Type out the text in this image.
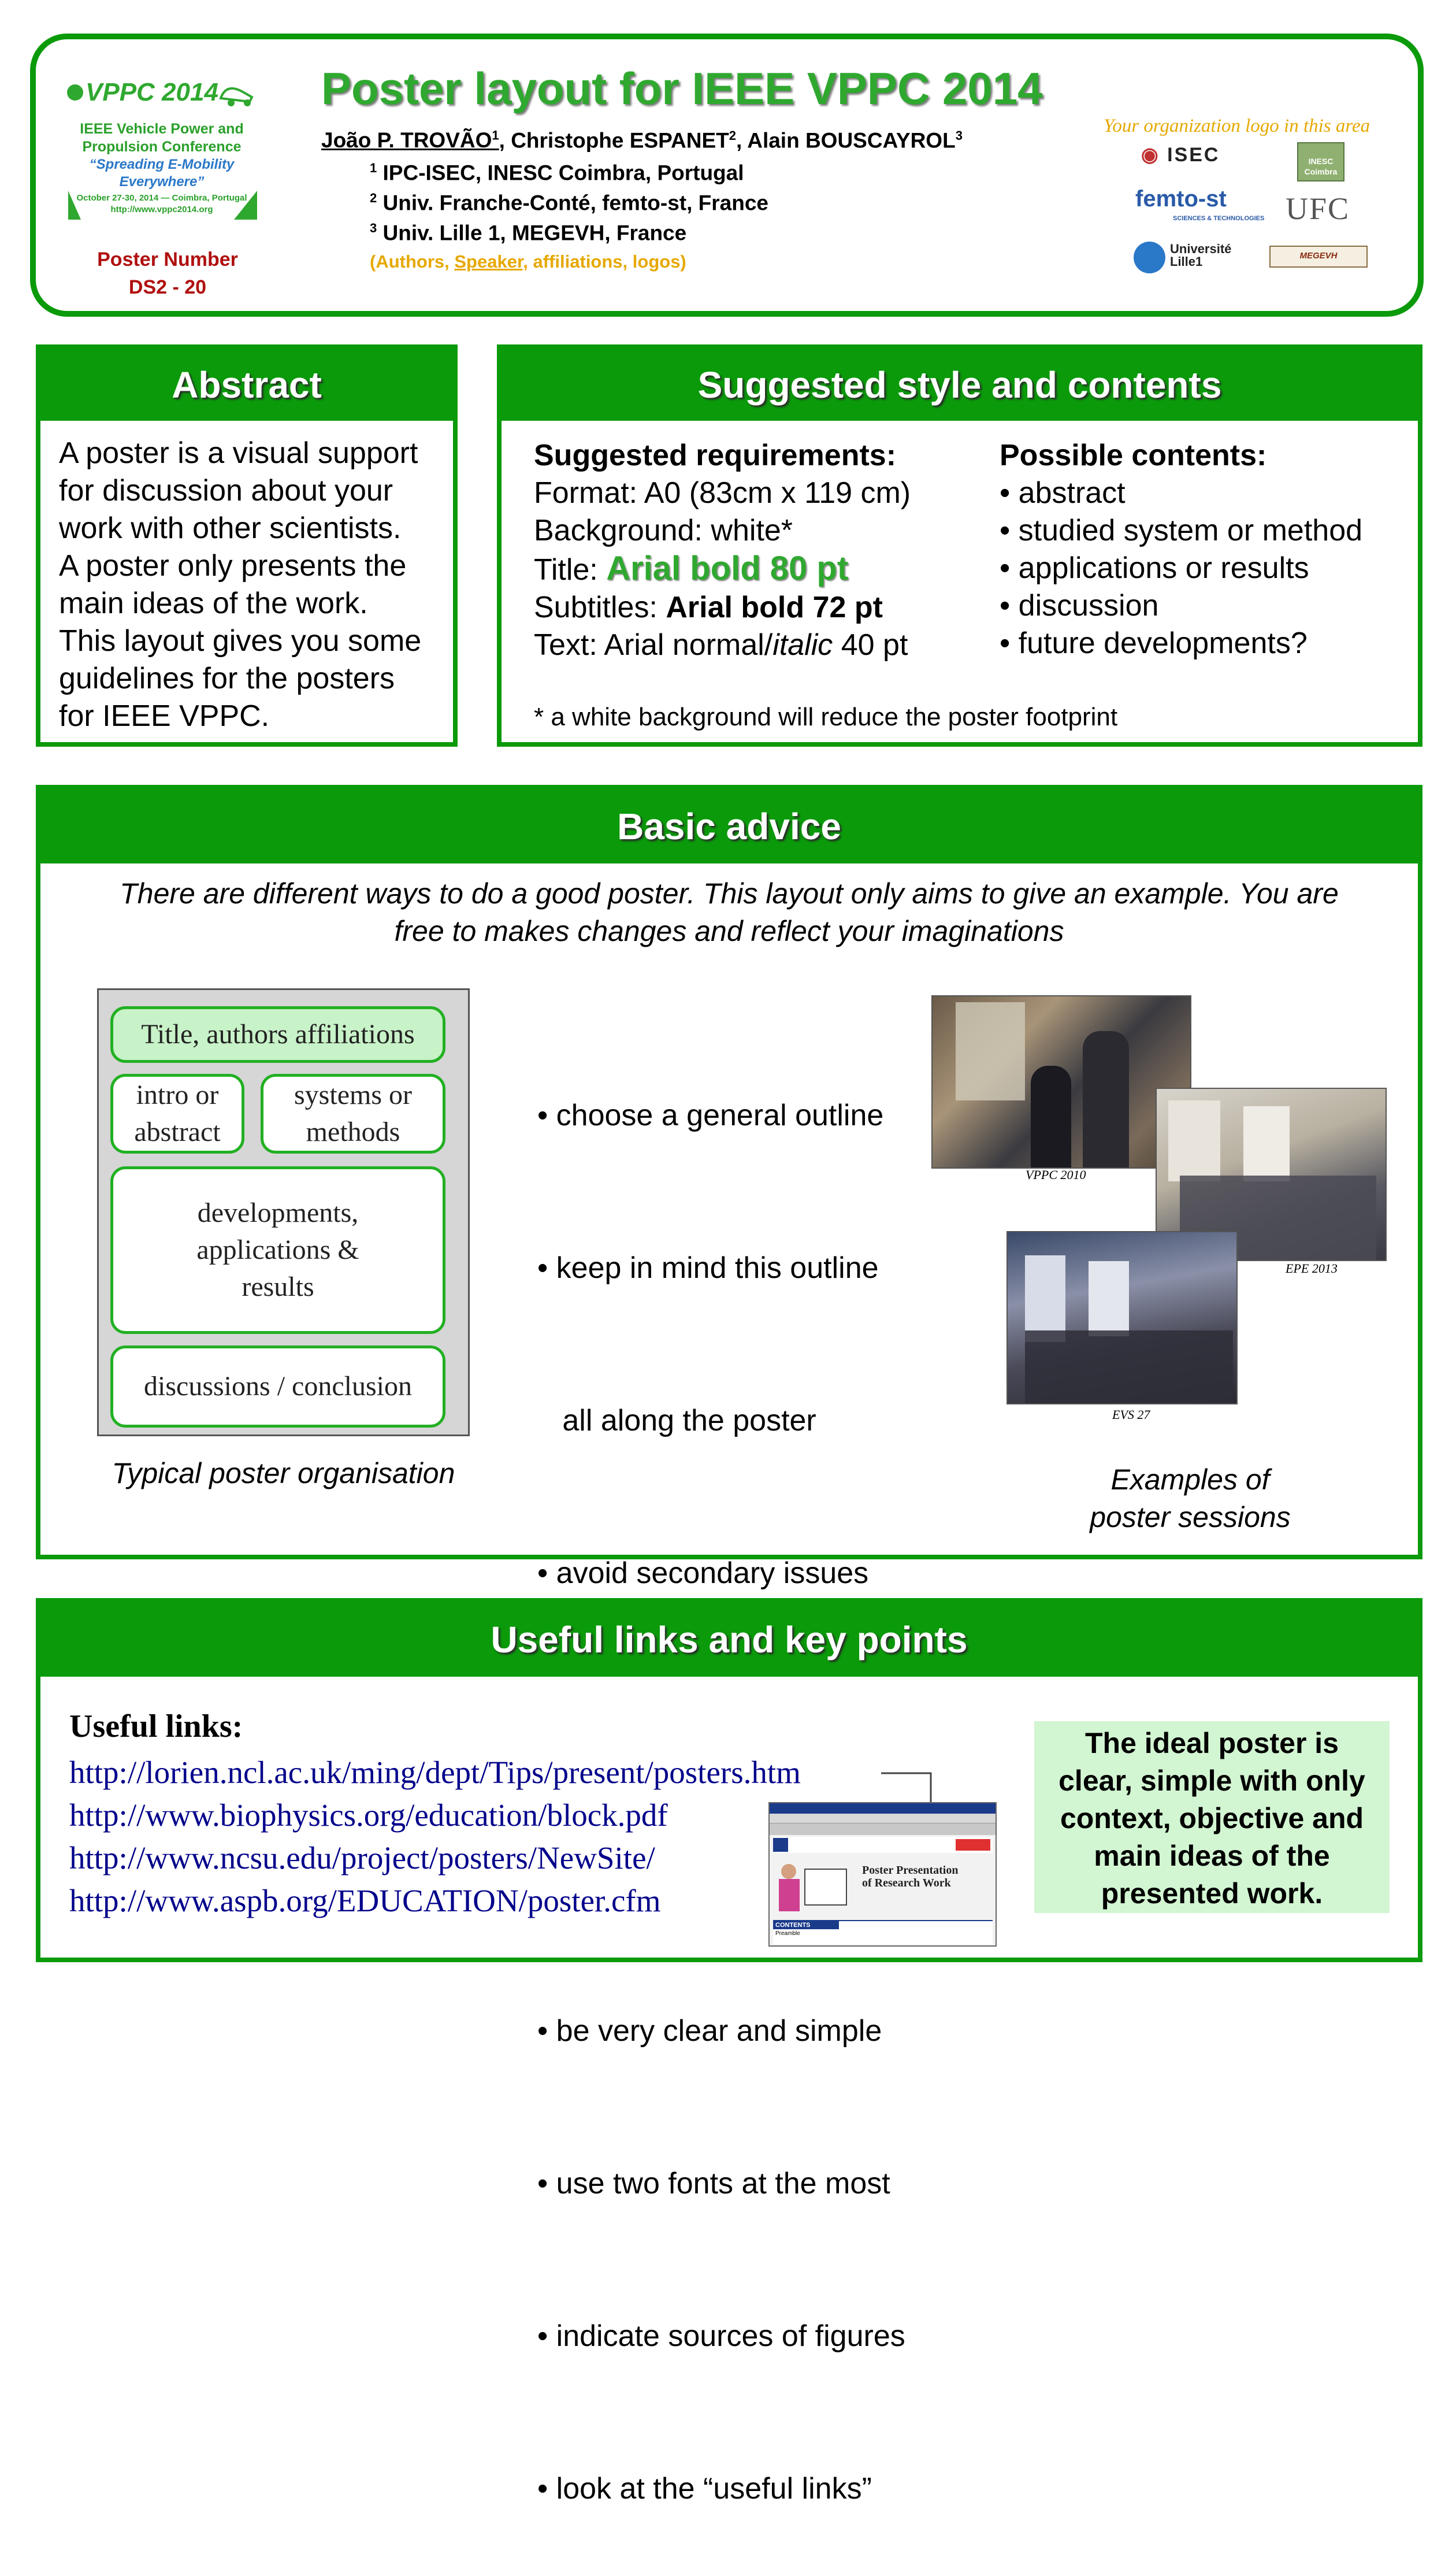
VPPC 2014
IEEE Vehicle Power and
Propulsion Conference
“Spreading E-Mobility
Everywhere”
October 27-30, 2014 — Coimbra, Portugal
http://www.vppc2014.org
Poster Number
DS2 - 20
Poster layout for IEEE VPPC 2014
João P. TROVÃO$^1$, Christophe ESPANET$^2$, Alain BOUSCAYROL$^3$
$^1$ IPC-ISEC, INESC Coimbra, Portugal
$^2$ Univ. Franche-Conté, femto-st, France
$^3$ Univ. Lille 1, MEGEVH, France
(Authors, Speaker, affiliations, logos)
Your organization logo in this area
◉ ISEC	INESC Coimbra
femto-st
SCIENCES & TECHNOLOGIES UFC
Université Lille1	MEGEVH
Abstract
A poster is a visual support
for discussion about your
work with other scientists.
A poster only presents the
main ideas of the work.
This layout gives you some
guidelines for the posters
for IEEE VPPC.
Suggested style and contents
Suggested requirements:
Format: A0 (83cm x 119 cm)
Background: white*
Title: Arial bold 80 pt
Subtitles: Arial bold 72 pt
Text: Arial normal/italic 40 pt
Possible contents:
• abstract
• studied system or method
• applications or results
• discussion
• future developments?
* a white background will reduce the poster footprint
Basic advice
There are different ways to do a good poster. This layout only aims to give an example. You are
free to makes changes and reflect your imaginations
Title, authors affiliations
intro or
abstract
systems or
methods
developments,
applications &
results
discussions / conclusion
Typical poster organisation

• choose a general outline

• keep in mind this outline

all along the poster

• avoid secondary issues

• be very clear and simple

• use two fonts at the most

• indicate sources of figures

• look at the “useful links”

VPPC 2010
EPE 2013
EVS 27
Examples of
poster sessions
Useful links and key points
Useful links:
http://lorien.ncl.ac.uk/ming/dept/Tips/present/posters.htm
http://www.biophysics.org/education/block.pdf
http://www.ncsu.edu/project/posters/NewSite/
http://www.aspb.org/EDUCATION/poster.cfm
Poster Presentation
of Research Work
CONTENTS
Preamble
The ideal poster is
clear, simple with only
context, objective and
main ideas of the
presented work.
